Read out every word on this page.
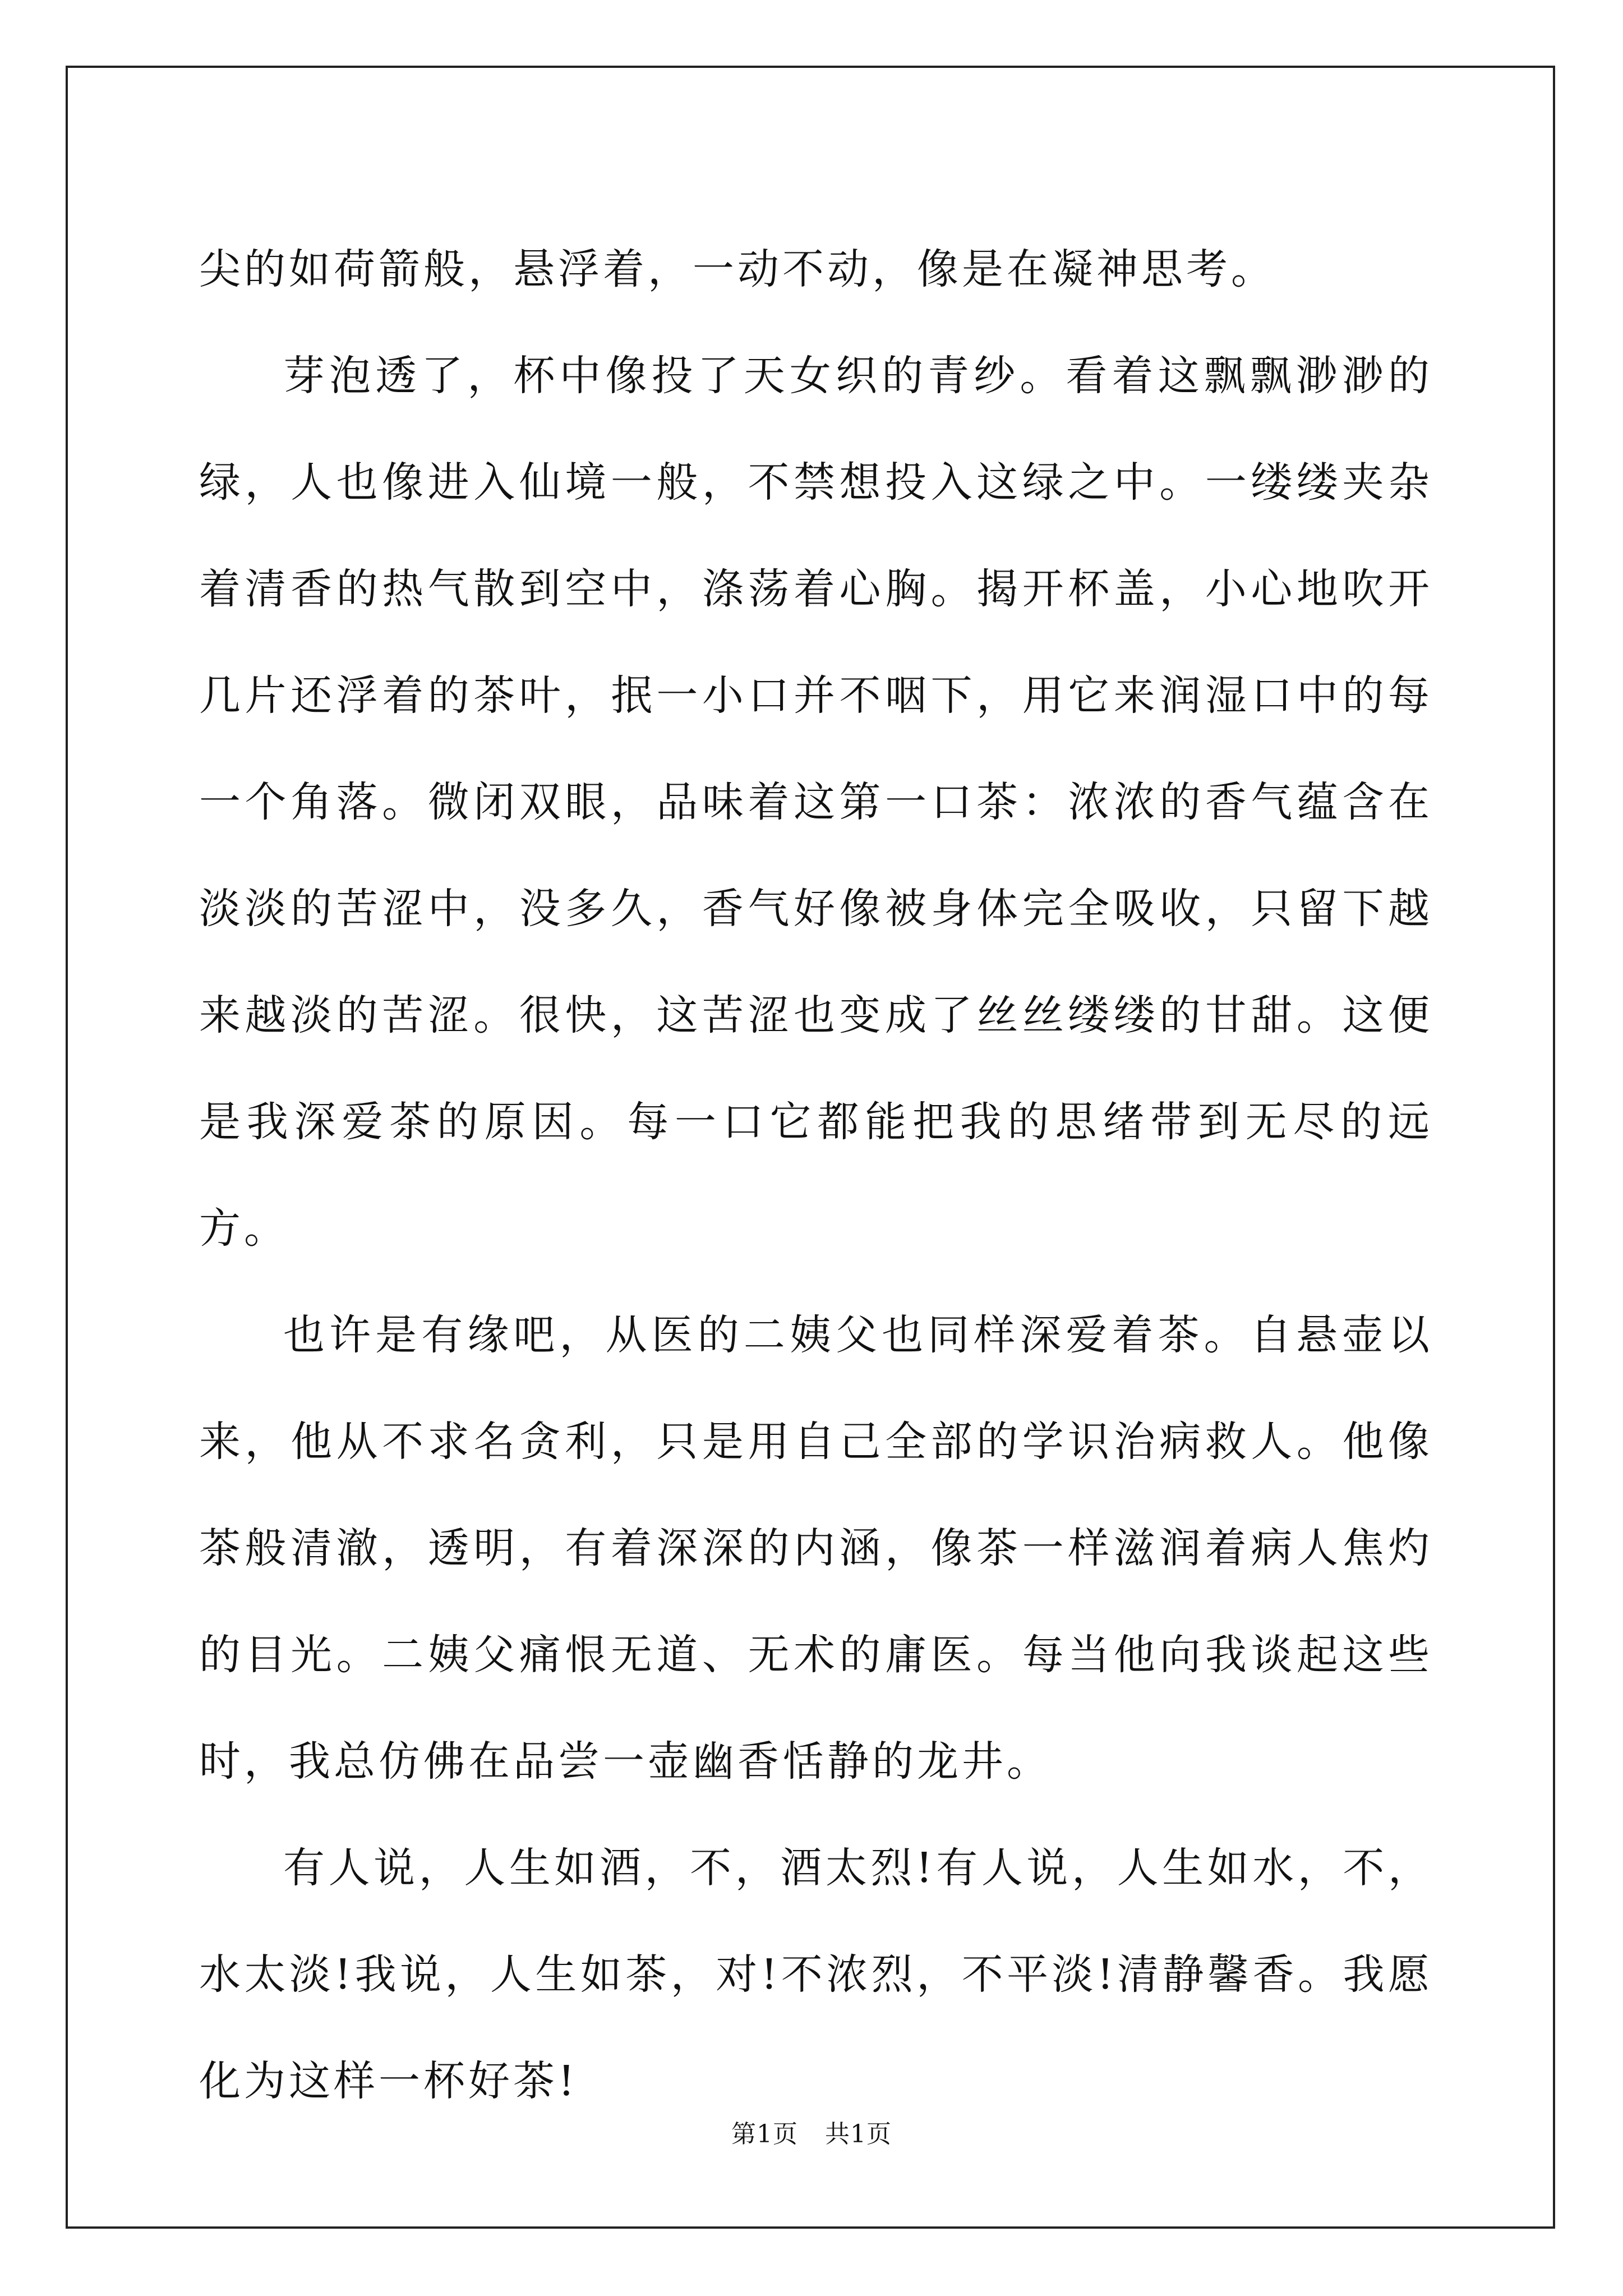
尖的如荷箭般，悬浮着，一动不动，像是在凝神思考。

芽泡透了，杯中像投了天女织的青纱。看着这飘飘渺渺的绿，人也像进入仙境一般，不禁想投入这绿之中。一缕缕夹杂着清香的热气散到空中，涤荡着心胸。揭开杯盖，小心地吹开几片还浮着的茶叶，抿一小口并不咽下，用它来润湿口中的每一个角落。微闭双眼，品味着这第一口茶：浓浓的香气蕴含在淡淡的苦涩中，没多久，香气好像被身体完全吸收，只留下越来越淡的苦涩。很快，这苦涩也变成了丝丝缕缕的甘甜。这便是我深爱茶的原因。每一口它都能把我的思绪带到无尽的远方。

也许是有缘吧，从医的二姨父也同样深爱着茶。自悬壶以来，他从不求名贪利，只是用自己全部的学识治病救人。他像茶般清澈，透明，有着深深的内涵，像茶一样滋润着病人焦灼的目光。二姨父痛恨无道、无术的庸医。每当他向我谈起这些时，我总仿佛在品尝一壶幽香恬静的龙井。

有人说，人生如酒，不，酒太烈!有人说，人生如水，不，水太淡!我说，人生如茶，对!不浓烈，不平淡!清静馨香。我愿化为这样一杯好茶!

第1页 共1页
